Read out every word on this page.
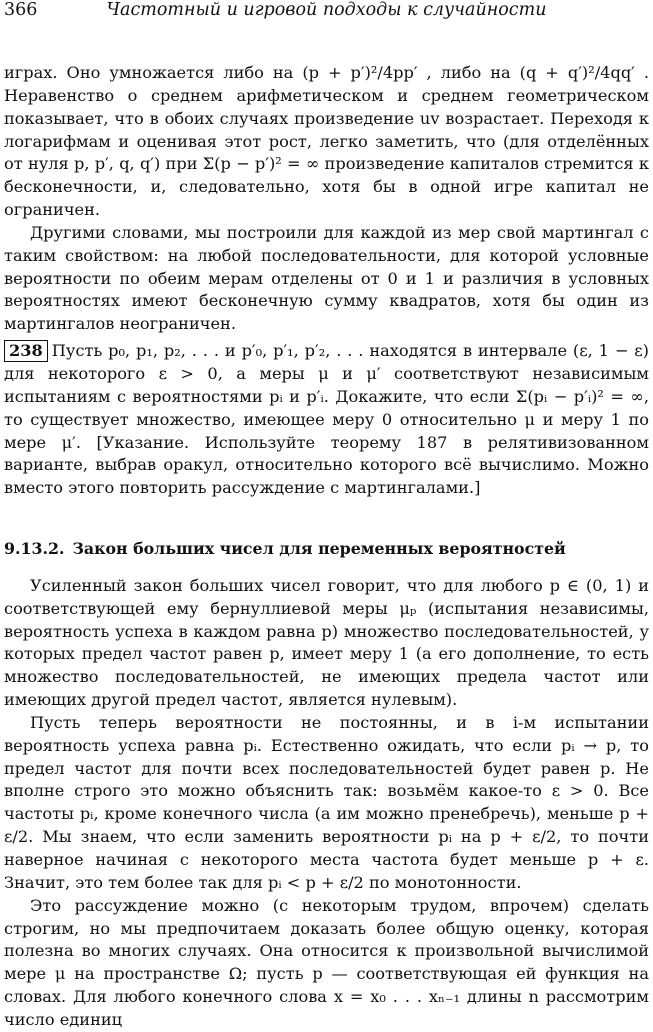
366	Частотный и игровой подходы к случайности

играх. Оно умножается либо на (p + p′)²/4pp′ , либо на (q + q′)²/4qq′ . Неравенство о среднем арифметическом и среднем геометрическом показывает, что в обоих случаях произведение uv возрастает. Переходя к логарифмам и оценивая этот рост, легко заметить, что (для отделённых от нуля p, p′, q, q′) при Σ(p − p′)² = ∞ произведение капиталов стремится к бесконечности, и, следовательно, хотя бы в одной игре капитал не ограничен.

Другими словами, мы построили для каждой из мер свой мартингал с таким свойством: на любой последовательности, для которой условные вероятности по обеим мерам отделены от 0 и 1 и различия в условных вероятностях имеют бесконечную сумму квадратов, хотя бы один из мартингалов неограничен.

238 Пусть p₀, p₁, p₂, . . . и p′₀, p′₁, p′₂, . . . находятся в интервале (ε, 1 − ε) для некоторого ε > 0, а меры μ и μ′ соответствуют независимым испытаниям с вероятностями pᵢ и p′ᵢ. Докажите, что если Σ(pᵢ − p′ᵢ)² = ∞, то существует множество, имеющее меру 0 относительно μ и меру 1 по мере μ′. [Указание. Используйте теорему 187 в релятивизованном варианте, выбрав оракул, относительно которого всё вычислимо. Можно вместо этого повторить рассуждение с мартингалами.]

9.13.2. Закон больших чисел для переменных вероятностей

Усиленный закон больших чисел говорит, что для любого p ∈ (0, 1) и соответствующей ему бернуллиевой меры μₚ (испытания независимы, вероятность успеха в каждом равна p) множество последовательностей, у которых предел частот равен p, имеет меру 1 (а его дополнение, то есть множество последовательностей, не имеющих предела частот или имеющих другой предел частот, является нулевым).

Пусть теперь вероятности не постоянны, и в i-м испытании вероятность успеха равна pᵢ. Естественно ожидать, что если pᵢ → p, то предел частот для почти всех последовательностей будет равен p. Не вполне строго это можно объяснить так: возьмём какое-то ε > 0. Все частоты pᵢ, кроме конечного числа (а им можно пренебречь), меньше p + ε/2. Мы знаем, что если заменить вероятности pᵢ на p + ε/2, то почти наверное начиная с некоторого места частота будет меньше p + ε. Значит, это тем более так для pᵢ < p + ε/2 по монотонности.

Это рассуждение можно (с некоторым трудом, впрочем) сделать строгим, но мы предпочитаем доказать более общую оценку, которая полезна во многих случаях. Она относится к произвольной вычислимой мере μ на пространстве Ω; пусть p — соответствующая ей функция на словах. Для любого конечного слова x = x₀ . . . xₙ₋₁ длины n рассмотрим число единиц
